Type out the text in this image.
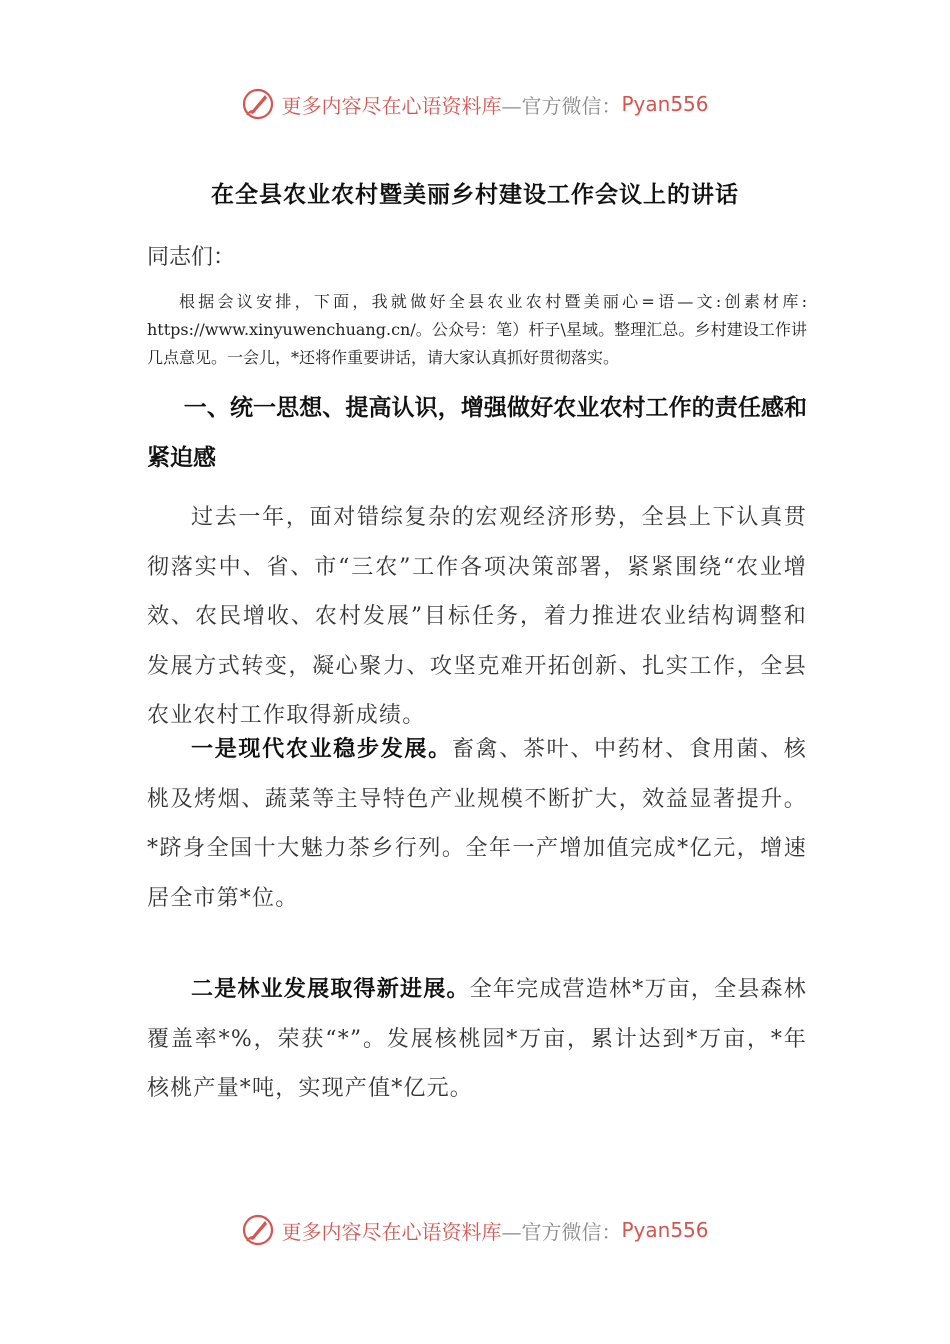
更多内容尽在心语资料库 —官方微信： Pyan556
在全县农业农村暨美丽乡村建设工作会议上的讲话
同志们：
根据会议安排，下面，我就做好全县农业农村暨美丽心=语—文:创素材库: https://www.xinyuwenchuang.cn/。公众号：笔）杆子\星域。整理汇总。乡村建设工作讲几点意见。一会儿，*还将作重要讲话，请大家认真抓好贯彻落实。
一、统一思想、提高认识，增强做好农业农村工作的责任感和紧迫感
过去一年，面对错综复杂的宏观经济形势，全县上下认真贯彻落实中、省、市“三农”工作各项决策部署，紧紧围绕“农业增效、农民增收、农村发展”目标任务，着力推进农业结构调整和发展方式转变，凝心聚力、攻坚克难开拓创新、扎实工作，全县农业农村工作取得新成绩。
一是现代农业稳步发展。畜禽、茶叶、中药材、食用菌、核桃及烤烟、蔬菜等主导特色产业规模不断扩大，效益显著提升。*跻身全国十大魅力茶乡行列。全年一产增加值完成*亿元，增速居全市第*位。
二是林业发展取得新进展。全年完成营造林*万亩，全县森林覆盖率*%，荣获“*”。发展核桃园*万亩，累计达到*万亩，*年核桃产量*吨，实现产值*亿元。
更多内容尽在心语资料库 —官方微信： Pyan556
